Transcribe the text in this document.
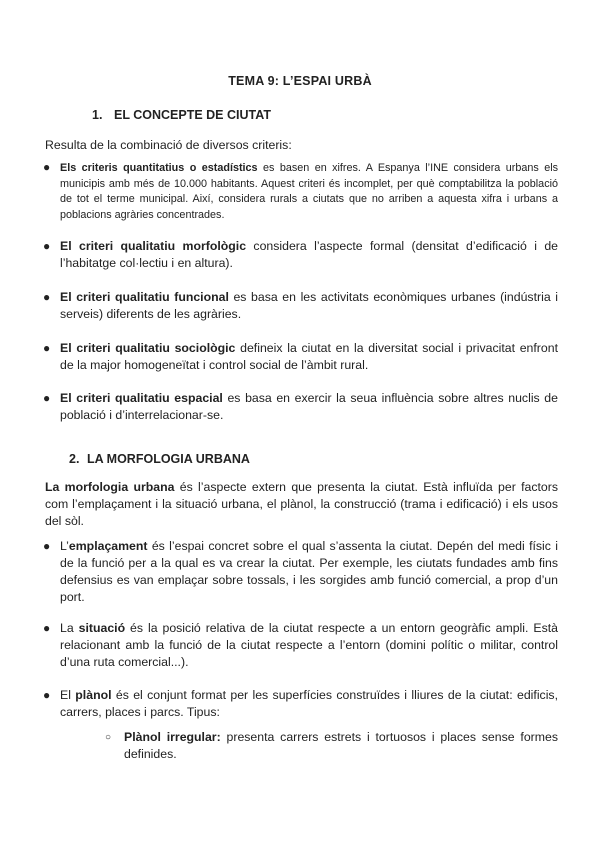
TEMA 9: L’ESPAI URBÀ
1. EL CONCEPTE DE CIUTAT
Resulta de la combinació de diversos criteris:
● Els criteris quantitatius o estadístics es basen en xifres. A Espanya l’INE considera urbans els municipis amb més de 10.000 habitants. Aquest criteri és incomplet, per què comptabilitza la població de tot el terme municipal. Així, considera rurals a ciutats que no arriben a aquesta xifra i urbans a poblacions agràries concentrades.
● El criteri qualitatiu morfològic considera l’aspecte formal (densitat d’edificació i de l’habitatge col·lectiu i en altura).
● El criteri qualitatiu funcional es basa en les activitats econòmiques urbanes (indústria i serveis) diferents de les agràries.
● El criteri qualitatiu sociològic defineix la ciutat en la diversitat social i privacitat enfront de la major homogeneïtat i control social de l’àmbit rural.
● El criteri qualitatiu espacial es basa en exercir la seua influència sobre altres nuclis de població i d’interrelacionar-se.
2. LA MORFOLOGIA URBANA
La morfologia urbana és l’aspecte extern que presenta la ciutat. Està influïda per factors com l’emplaçament i la situació urbana, el plànol, la construcció (trama i edificació) i els usos del sòl.
● L’emplaçament és l’espai concret sobre el qual s’assenta la ciutat. Depén del medi físic i de la funció per a la qual es va crear la ciutat. Per exemple, les ciutats fundades amb fins defensius es van emplaçar sobre tossals, i les sorgides amb funció comercial, a prop d’un port.
● La situació és la posició relativa de la ciutat respecte a un entorn geogràfic ampli. Està relacionant amb la funció de la ciutat respecte a l’entorn (domini polític o militar, control d’una ruta comercial...).
● El plànol és el conjunt format per les superfícies construïdes i lliures de la ciutat: edificis, carrers, places i parcs. Tipus:
○ Plànol irregular: presenta carrers estrets i tortuosos i places sense formes definides.
